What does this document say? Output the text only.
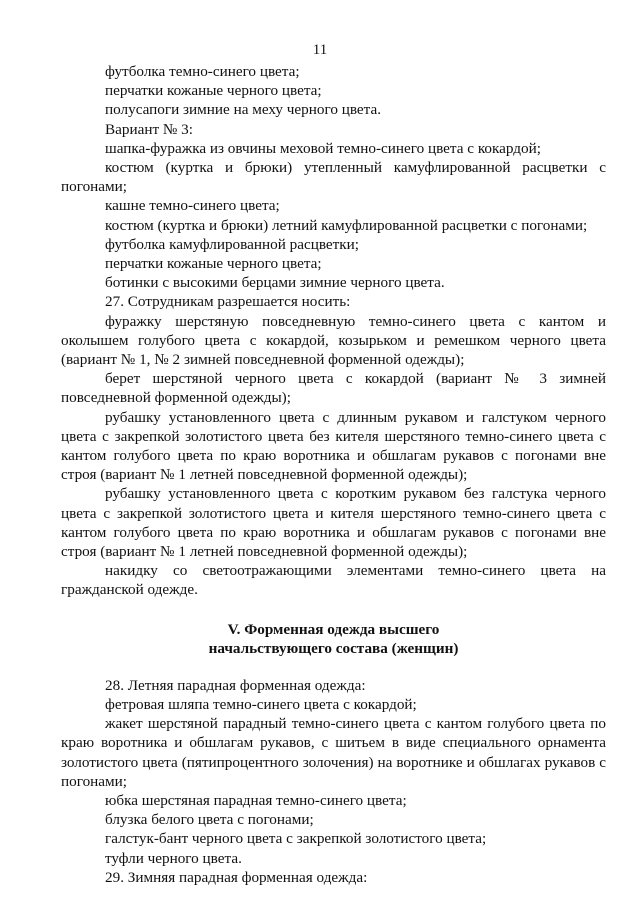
11

футболка темно-синего цвета;

перчатки кожаные черного цвета;

полусапоги зимние на меху черного цвета.

Вариант № 3:

шапка-фуражка из овчины меховой темно-синего цвета с кокардой;

костюм (куртка и брюки) утепленный камуфлированной расцветки с погонами;

кашне темно-синего цвета;

костюм (куртка и брюки) летний камуфлированной расцветки с погонами;

футболка камуфлированной расцветки;

перчатки кожаные черного цвета;

ботинки с высокими берцами зимние черного цвета.

27. Сотрудникам разрешается носить:

фуражку шерстяную повседневную темно-синего цвета с кантом и околышем голубого цвета с кокардой, козырьком и ремешком черного цвета (вариант № 1, № 2 зимней повседневной форменной одежды);

берет шерстяной черного цвета с кокардой (вариант № 3 зимней повседневной форменной одежды);

рубашку установленного цвета с длинным рукавом и галстуком черного цвета с закрепкой золотистого цвета без кителя шерстяного темно-синего цвета с кантом голубого цвета по краю воротника и обшлагам рукавов с погонами вне строя (вариант № 1 летней повседневной форменной одежды);

рубашку установленного цвета с коротким рукавом без галстука черного цвета с закрепкой золотистого цвета и кителя шерстяного темно-синего цвета с кантом голубого цвета по краю воротника и обшлагам рукавов с погонами вне строя (вариант № 1 летней повседневной форменной одежды);

накидку со светоотражающими элементами темно-синего цвета на гражданской одежде.

V. Форменная одежда высшего
начальствующего состава (женщин)

28. Летняя парадная форменная одежда:

фетровая шляпа темно-синего цвета с кокардой;

жакет шерстяной парадный темно-синего цвета с кантом голубого цвета по краю воротника и обшлагам рукавов, с шитьем в виде специального орнамента золотистого цвета (пятипроцентного золочения) на воротнике и обшлагах рукавов с погонами;

юбка шерстяная парадная темно-синего цвета;

блузка белого цвета с погонами;

галстук-бант черного цвета с закрепкой золотистого цвета;

туфли черного цвета.

29. Зимняя парадная форменная одежда:
